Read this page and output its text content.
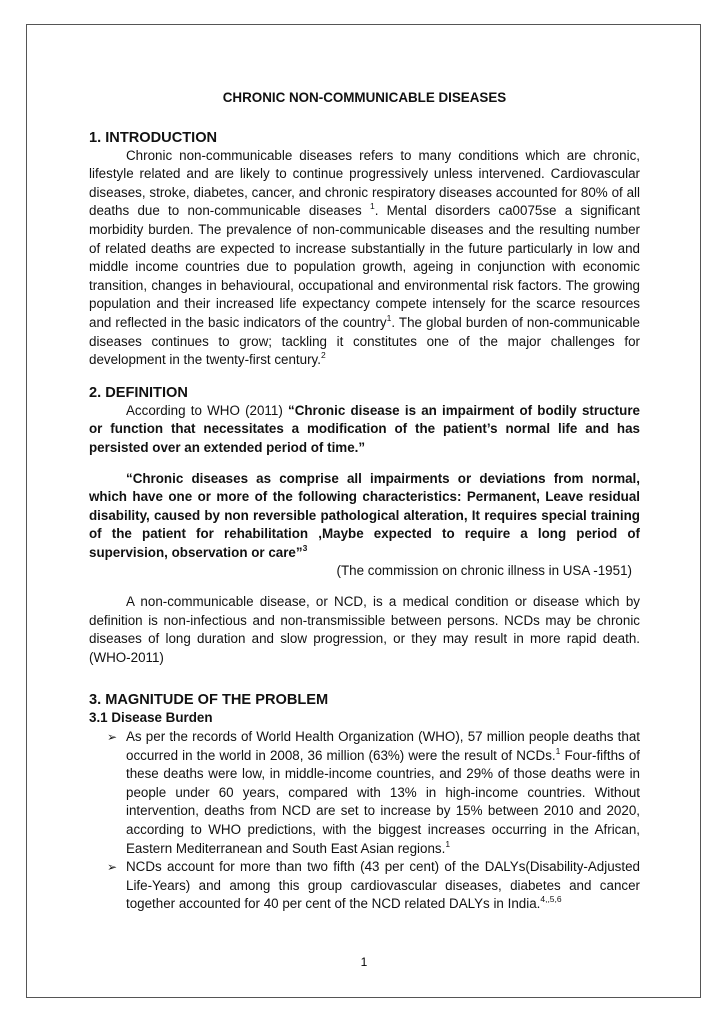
CHRONIC NON-COMMUNICABLE DISEASES
1. INTRODUCTION

Chronic non-communicable diseases refers to many conditions which are chronic, lifestyle related and are likely to continue progressively unless intervened. Cardiovascular diseases, stroke, diabetes, cancer, and chronic respiratory diseases accounted for 80% of all deaths due to non-communicable diseases $^1$. Mental disorders ca0075se a significant morbidity burden. The prevalence of non-communicable diseases and the resulting number of related deaths are expected to increase substantially in the future particularly in low and middle income countries due to population growth, ageing in conjunction with economic transition, changes in behavioural, occupational and environmental risk factors. The growing population and their increased life expectancy compete intensely for the scarce resources and reflected in the basic indicators of the country$^1$. The global burden of non-communicable diseases continues to grow; tackling it constitutes one of the major challenges for development in the twenty-first century.$^2$

2. DEFINITION

According to WHO (2011) “Chronic disease is an impairment of bodily structure or function that necessitates a modification of the patient’s normal life and has persisted over an extended period of time.”

“Chronic diseases as comprise all impairments or deviations from normal, which have one or more of the following characteristics: Permanent, Leave residual disability, caused by non reversible pathological alteration, It requires special training of the patient for rehabilitation ,Maybe expected to require a long period of supervision, observation or care”$^3$

(The commission on chronic illness in USA -1951)

A non-communicable disease, or NCD, is a medical condition or disease which by definition is non-infectious and non-transmissible between persons. NCDs may be chronic diseases of long duration and slow progression, or they may result in more rapid death. (WHO-2011)

3. MAGNITUDE OF THE PROBLEM
3.1 Disease Burden
➢ As per the records of World Health Organization (WHO), 57 million people deaths that occurred in the world in 2008, 36 million (63%) were the result of NCDs.$^1$ Four-fifths of these deaths were low, in middle-income countries, and 29% of those deaths were in people under 60 years, compared with 13% in high-income countries. Without intervention, deaths from NCD are set to increase by 15% between 2010 and 2020, according to WHO predictions, with the biggest increases occurring in the African, Eastern Mediterranean and South East Asian regions.$^1$
➢ NCDs account for more than two fifth (43 per cent) of the DALYs(Disability-Adjusted Life-Years) and among this group cardiovascular diseases, diabetes and cancer together accounted for 40 per cent of the NCD related DALYs in India.$^{4,,5,6}$
1
